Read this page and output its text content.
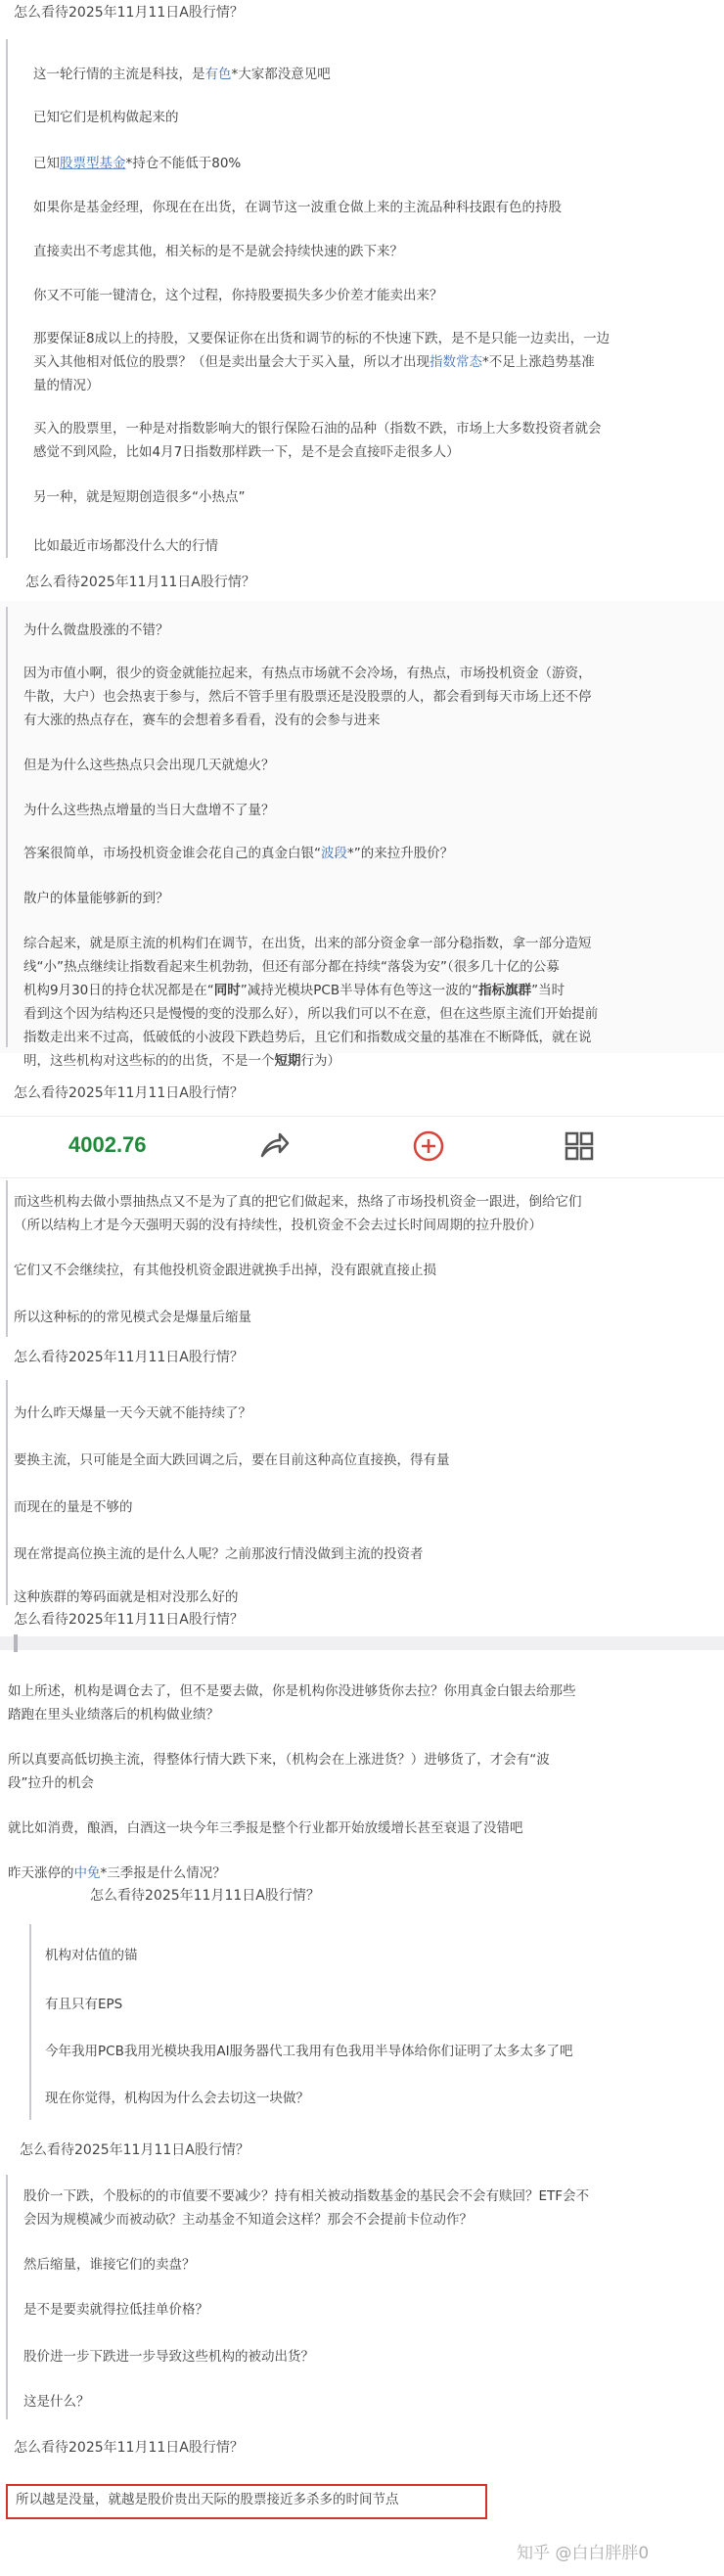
怎么看待2025年11月11日A股行情？
这一轮行情的主流是科技，是有色*大家都没意见吧
已知它们是机构做起来的
已知股票型基金*持仓不能低于80%
如果你是基金经理，你现在在出货，在调节这一波重仓做上来的主流品种科技跟有色的持股
直接卖出不考虑其他，相关标的是不是就会持续快速的跌下来？
你又不可能一键清仓，这个过程，你持股要损失多少价差才能卖出来？
那要保证8成以上的持股，又要保证你在出货和调节的标的不快速下跌，是不是只能一边卖出，一边
买入其他相对低位的股票？（但是卖出量会大于买入量，所以才出现指数常态*不足上涨趋势基准
量的情况）
买入的股票里，一种是对指数影响大的银行保险石油的品种（指数不跌，市场上大多数投资者就会
感觉不到风险，比如4月7日指数那样跌一下，是不是会直接吓走很多人）
另一种，就是短期创造很多“小热点”
比如最近市场都没什么大的行情
怎么看待2025年11月11日A股行情？
为什么微盘股涨的不错？
因为市值小啊，很少的资金就能拉起来，有热点市场就不会冷场，有热点，市场投机资金（游资，
牛散，大户）也会热衷于参与，然后不管手里有股票还是没股票的人，都会看到每天市场上还不停
有大涨的热点存在，赛车的会想着多看看，没有的会参与进来
但是为什么这些热点只会出现几天就熄火？
为什么这些热点增量的当日大盘增不了量？
答案很简单，市场投机资金谁会花自己的真金白银“波段*”的来拉升股价？
散户的体量能够新的到？
综合起来，就是原主流的机构们在调节，在出货，出来的部分资金拿一部分稳指数，拿一部分造短
线“小”热点继续让指数看起来生机勃勃，但还有部分都在持续“落袋为安”（很多几十亿的公募
机构9月30日的持仓状况都是在“同时”减持光模块PCB半导体有色等这一波的“指标旗群”当时
看到这个因为结构还只是慢慢的变的没那么好），所以我们可以不在意，但在这些原主流们开始提前
指数走出来不过高，低破低的小波段下跌趋势后，且它们和指数成交量的基准在不断降低，就在说
明，这些机构对这些标的的出货，不是一个短期行为）
怎么看待2025年11月11日A股行情？
4002.76
而这些机构去做小票抽热点又不是为了真的把它们做起来，热络了市场投机资金一跟进，倒给它们
（所以结构上才是今天强明天弱的没有持续性，投机资金不会去过长时间周期的拉升股价）
它们又不会继续拉，有其他投机资金跟进就换手出掉，没有跟就直接止损
所以这种标的的常见模式会是爆量后缩量
怎么看待2025年11月11日A股行情？
为什么昨天爆量一天今天就不能持续了？
要换主流，只可能是全面大跌回调之后，要在目前这种高位直接换，得有量
而现在的量是不够的
现在常提高位换主流的是什么人呢？之前那波行情没做到主流的投资者
这种族群的筹码面就是相对没那么好的
怎么看待2025年11月11日A股行情？
如上所述，机构是调仓去了，但不是要去做，你是机构你没进够货你去拉？你用真金白银去给那些
踏跑在里头业绩落后的机构做业绩？
所以真要高低切换主流，得整体行情大跌下来，（机构会在上涨进货？）进够货了，才会有“波
段”拉升的机会
就比如消费，酿酒，白酒这一块今年三季报是整个行业都开始放缓增长甚至衰退了没错吧
昨天涨停的中免*三季报是什么情况？
怎么看待2025年11月11日A股行情？
机构对估值的锚
有且只有EPS
今年我用PCB我用光模块我用AI服务器代工我用有色我用半导体给你们证明了太多太多了吧
现在你觉得，机构因为什么会去切这一块做？
怎么看待2025年11月11日A股行情？
股价一下跌，个股标的的市值要不要减少？持有相关被动指数基金的基民会不会有赎回？ETF会不
会因为规模减少而被动砍？主动基金不知道会这样？那会不会提前卡位动作？
然后缩量，谁接它们的卖盘？
是不是要卖就得拉低挂单价格？
股价进一步下跌进一步导致这些机构的被动出货？
这是什么？
怎么看待2025年11月11日A股行情？
所以越是没量，就越是股价贵出天际的股票接近多杀多的时间节点
知乎 @白白胖胖0
